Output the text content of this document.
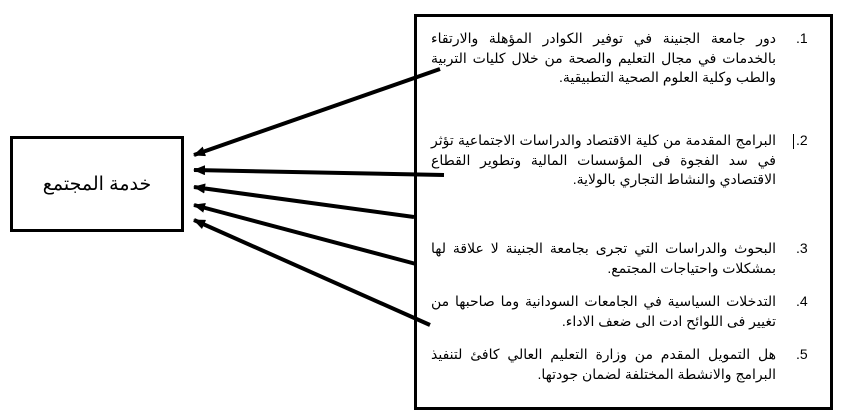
خدمة المجتمع
.1
دور جامعة الجنينة في توفير الكوادر المؤهلة والارتقاء بالخدمات في مجال التعليم والصحة من خلال كليات التربية والطب وكلية العلوم الصحية التطبيقية.
.2
البرامج المقدمة من كلية الاقتصاد والدراسات الاجتماعية تؤثر في سد الفجوة فى المؤسسات المالية وتطوير القطاع الاقتصادي والنشاط التجاري بالولاية.
.3
البحوث والدراسات التي تجرى بجامعة الجنينة لا علاقة لها بمشكلات واحتياجات المجتمع.
.4
التدخلات السياسية في الجامعات السودانية وما صاحبها من تغيير فى اللوائح ادت الى ضعف الاداء.
.5
هل التمويل المقدم من وزارة التعليم العالي كافئ لتنفيذ البرامج والانشطة المختلفة لضمان جودتها.
